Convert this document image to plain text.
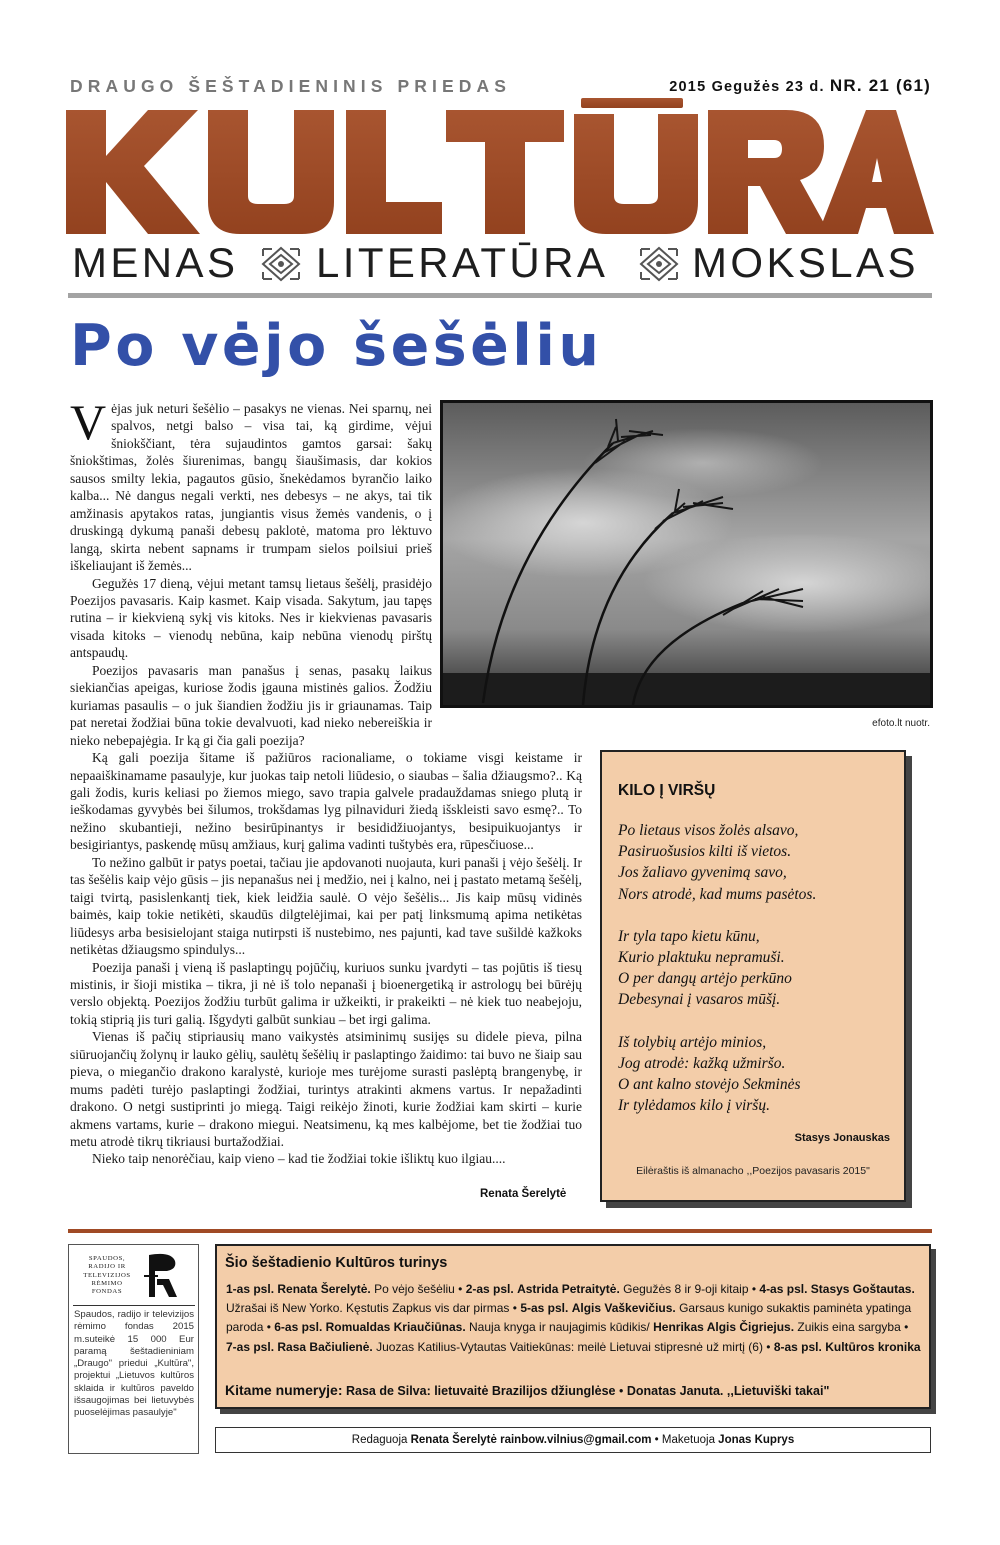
DRAUGO ŠEŠTADIENINIS PRIEDAS	2015 Gegužės 23 d. NR. 21 (61)
MENAS LITERATŪRA MOKSLAS
Po vėjo šešėliu
efoto.lt nuotr.

Vėjas juk neturi šešėlio – pasakys ne vienas. Nei sparnų, nei spalvos, netgi balso – visa tai, ką girdime, vėjui šniokščiant, tėra sujaudintos gamtos garsai: šakų šniokštimas, žolės šiurenimas, bangų šiaušimasis, dar kokios sausos smilty lekia, pagautos gūsio, šnekėdamos byrančio laiko kalba... Nė dangus negali verkti, nes debesys – ne akys, tai tik amžinasis apytakos ratas, jungiantis visus žemės vandenis, o į druskingą dykumą panaši debesų paklotė, matoma pro lėktuvo langą, skirta nebent sapnams ir trumpam sielos poilsiui prieš iškeliaujant iš žemės...

Gegužės 17 dieną, vėjui metant tamsų lietaus šešėlį, prasidėjo Poezijos pavasaris. Kaip kasmet. Kaip visada. Sakytum, jau tapęs rutina – ir kiekvieną sykį vis kitoks. Nes ir kiekvienas pavasaris visada kitoks – vienodų nebūna, kaip nebūna vienodų pirštų antspaudų.

Poezijos pavasaris man panašus į senas, pasakų laikus siekiančias apeigas, kuriose žodis įgauna mistinės galios. Žodžiu kuriamas pasaulis – o juk šiandien žodžiu jis ir griaunamas. Taip pat neretai žodžiai būna tokie devalvuoti, kad nieko nebereiškia ir nieko nebepajėgia. Ir ką gi čia gali poezija?

Ką gali poezija šitame iš pažiūros racionaliame, o tokiame visgi keistame ir nepaaiškinamame pasaulyje, kur juokas taip netoli liūdesio, o siaubas – šalia džiaugsmo?.. Ką gali žodis, kuris keliasi po žiemos miego, savo trapia galvele pradauždamas sniego plutą ir ieškodamas gyvybės bei šilumos, trokšdamas lyg pilnaviduri žiedą išskleisti savo esmę?.. To nežino skubantieji, nežino besirūpinantys ir besididžiuojantys, besipuikuojantys ir besigiriantys, paskendę mūsų amžiaus, kurį galima vadinti tuštybės era, rūpesčiuose...

To nežino galbūt ir patys poetai, tačiau jie apdovanoti nuojauta, kuri panaši į vėjo šešėlį. Ir tas šešėlis kaip vėjo gūsis – jis nepanašus nei į medžio, nei į kalno, nei į pastato metamą šešėlį, taigi tvirtą, pasislenkantį tiek, kiek leidžia saulė. O vėjo šešėlis... Jis kaip mūsų vidinės baimės, kaip tokie netikėti, skaudūs dilgtelėjimai, kai per patį linksmumą apima netikėtas liūdesys arba besisielojant staiga nutirpsti iš nustebimo, nes pajunti, kad tave sušildė kažkoks netikėtas džiaugsmo spindulys...

Poezija panaši į vieną iš paslaptingų pojūčių, kuriuos sunku įvardyti – tas pojūtis iš tiesų mistinis, ir šioji mistika – tikra, ji nė iš tolo nepanaši į bioenergetiką ir astrologų bei būrėjų verslo objektą. Poezijos žodžiu turbūt galima ir užkeikti, ir prakeikti – nė kiek tuo neabejoju, tokią stiprią jis turi galią. Išgydyti galbūt sunkiau – bet irgi galima.

Vienas iš pačių stipriausių mano vaikystės atsiminimų susijęs su didele pieva, pilna siūruojančių žolynų ir lauko gėlių, saulėtų šešėlių ir paslaptingo žaidimo: tai buvo ne šiaip sau pieva, o miegančio drakono karalystė, kurioje mes turėjome surasti paslėptą brangenybę, ir mums padėti turėjo paslaptingi žodžiai, turintys atrakinti akmens vartus. Ir nepažadinti drakono. O netgi sustiprinti jo miegą. Taigi reikėjo žinoti, kurie žodžiai kam skirti – kurie akmens vartams, kurie – drakono miegui. Neatsimenu, ką mes kalbėjome, bet tie žodžiai tuo metu atrodė tikrų tikriausi burtažodžiai.

Nieko taip nenorėčiau, kaip vieno – kad tie žodžiai tokie išliktų kuo ilgiau....

Renata Šerelytė
KILO Į VIRŠŲ
Po lietaus visos žolės alsavo,
Pasiruošusios kilti iš vietos.
Jos žaliavo gyvenimą savo,
Nors atrodė, kad mums pasėtos.
Ir tyla tapo kietu kūnu,
Kurio plaktuku nepramuši.
O per dangų artėjo perkūno
Debesynai į vasaros mūšį.
Iš tolybių artėjo minios,
Jog atrodė: kažką užmiršo.
O ant kalno stovėjo Sekminės
Ir tylėdamos kilo į viršų.
Stasys Jonauskas
Eilėraštis iš almanacho ,,Poezijos pavasaris 2015"
SPAUDOS,
RADIJO IR
TELEVIZIJOS
RĖMIMO
FONDAS
Spaudos, radijo ir televizijos rėmimo fondas 2015 m.suteikė 15 000 Eur paramą šeštadieniniam „Draugo" priedui „Kultūra", projektui „Lietuvos kultūros sklaida ir kultūros paveldo išsaugojimas bei lietuvybės puoselėjimas pasaulyje"
Šio šeštadienio Kultūros turinys
1-as psl. Renata Šerelytė. Po vėjo šešėliu • 2-as psl. Astrida Petraitytė. Gegužės 8 ir 9-oji kitaip • 4-as psl. Stasys Goštautas. Užrašai iš New Yorko. Kęstutis Zapkus vis dar pirmas • 5-as psl. Algis Vaškevičius. Garsaus kunigo sukaktis paminėta ypatinga paroda • 6-as psl. Romualdas Kriaučiūnas. Nauja knyga ir naujagimis kūdikis/ Henrikas Algis Čigriejus. Zuikis eina sargyba • 7-as psl. Rasa Bačiulienė. Juozas Katilius-Vytautas Vaitiekūnas: meilė Lietuvai stipresnė už mirtį (6) • 8-as psl. Kultūros kronika
Kitame numeryje: Rasa de Silva: lietuvaitė Brazilijos džiunglėse • Donatas Januta. ,,Lietuviški takai"
Redaguoja Renata Šerelytė rainbow.vilnius@gmail.com • Maketuoja Jonas Kuprys
